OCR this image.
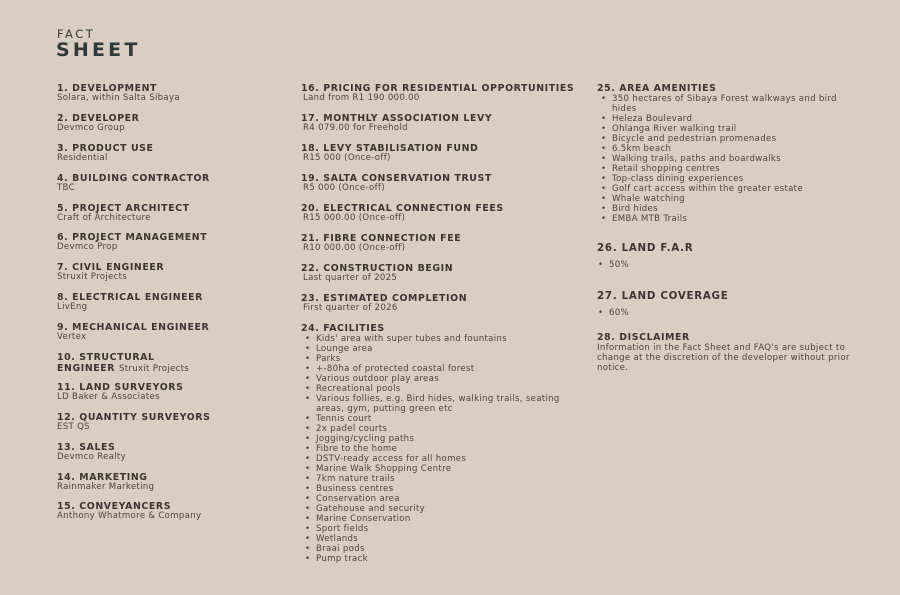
FACT
SHEET
1. DEVELOPMENT
Solara, within Salta Sibaya
2. DEVELOPER
Devmco Group
3. PRODUCT USE
Residential
4. BUILDING CONTRACTOR
TBC
5. PROJECT ARCHITECT
Craft of Architecture
6. PROJECT MANAGEMENT
Devmco Prop
7. CIVIL ENGINEER
Struxit Projects
8. ELECTRICAL ENGINEER
LivEng
9. MECHANICAL ENGINEER
Vertex
10. STRUCTURAL
ENGINEER Struxit Projects
11. LAND SURVEYORS
LD Baker & Associates
12. QUANTITY SURVEYORS
EST QS
13. SALES
Devmco Realty
14. MARKETING
Rainmaker Marketing
15. CONVEYANCERS
Anthony Whatmore & Company
16. PRICING FOR RESIDENTIAL OPPORTUNITIES
Land from R1 190 000.00
17. MONTHLY ASSOCIATION LEVY
R4 079.00 for Freehold
18. LEVY STABILISATION FUND
R15 000 (Once-off)
19. SALTA CONSERVATION TRUST
R5 000 (Once-off)
20. ELECTRICAL CONNECTION FEES
R15 000.00 (Once-off)
21. FIBRE CONNECTION FEE
R10 000.00 (Once-off)
22. CONSTRUCTION BEGIN
Last quarter of 2025
23. ESTIMATED COMPLETION
First quarter of 2026
24. FACILITIES
• Kids' area with super tubes and fountains
• Lounge area
• Parks
• +-80ha of protected coastal forest
• Various outdoor play areas
• Recreational pools
• Various follies, e.g. Bird hides, walking trails, seating areas, gym, putting green etc
• Tennis court
• 2x padel courts
• Jogging/cycling paths
• Fibre to the home
• DSTV-ready access for all homes
• Marine Walk Shopping Centre
• 7km nature trails
• Business centres
• Conservation area
• Gatehouse and security
• Marine Conservation
• Sport fields
• Wetlands
• Braai pods
• Pump track
25. AREA AMENITIES
• 350 hectares of Sibaya Forest walkways and bird hides
• Heleza Boulevard
• Ohlanga River walking trail
• Bicycle and pedestrian promenades
• 6.5km beach
• Walking trails, paths and boardwalks
• Retail shopping centres
• Top-class dining experiences
• Golf cart access within the greater estate
• Whale watching
• Bird hides
• EMBA MTB Trails
26. LAND F.A.R
• 50%
27. LAND COVERAGE
• 60%
28. DISCLAIMER
Information in the Fact Sheet and FAQ's are subject to change at the discretion of the developer without prior notice.
